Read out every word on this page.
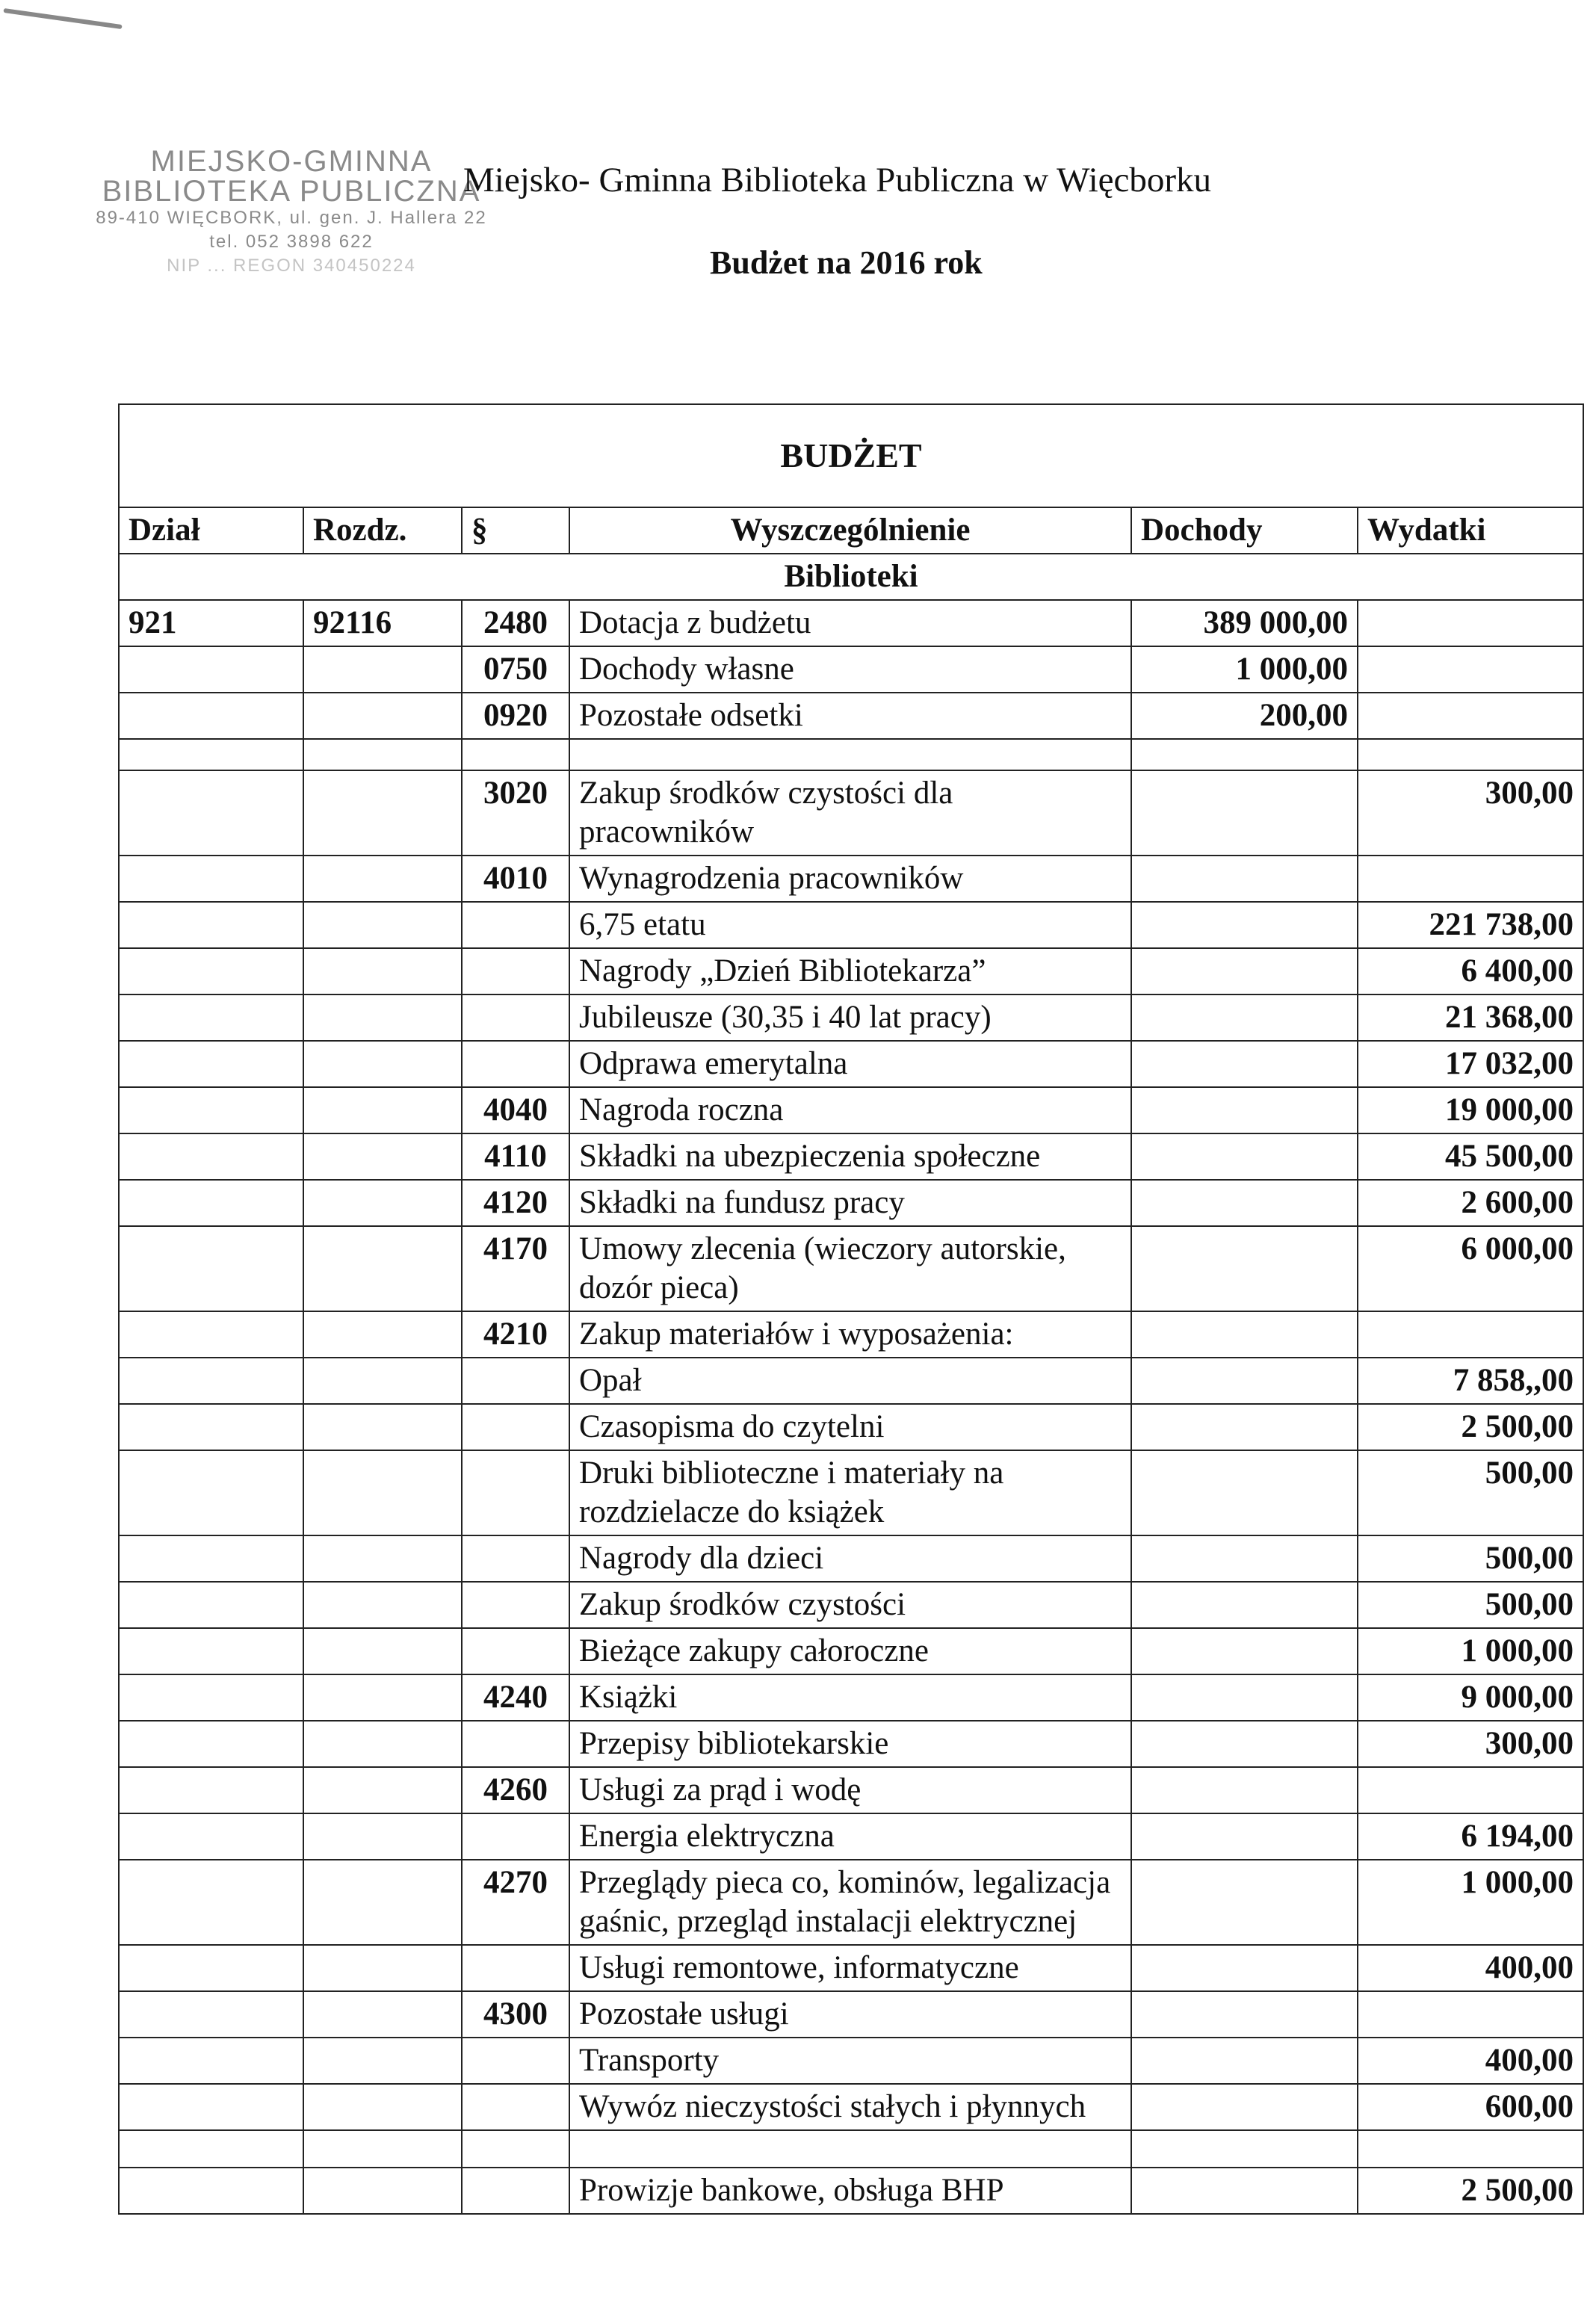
MIEJSKO-GMINNA
BIBLIOTEKA PUBLICZNA
89-410 WIĘCBORK, ul. gen. J. Hallera 22
tel. 052 3898 622
NIP ... REGON 340450224
Miejsko- Gminna Biblioteka Publiczna w Więcborku
Budżet na 2016 rok
BUDŻET					
Dział	Rozdz.	§	Wyszczególnienie	Dochody	Wydatki
Biblioteki					
921	92116	2480	Dotacja z budżetu	389 000,00	
		0750	Dochody własne	1 000,00	
		0920	Pozostałe odsetki	200,00	

		3020	Zakup środków czystości dla pracowników		300,00
		4010	Wynagrodzenia pracowników		
			6,75 etatu		221 738,00
			Nagrody „Dzień Bibliotekarza”		6 400,00
			Jubileusze (30,35 i 40 lat pracy)		21 368,00
			Odprawa emerytalna		17 032,00
		4040	Nagroda roczna		19 000,00
		4110	Składki na ubezpieczenia społeczne		45 500,00
		4120	Składki na fundusz pracy		2 600,00
		4170	Umowy zlecenia (wieczory autorskie, dozór pieca)		6 000,00
		4210	Zakup materiałów i wyposażenia:		
			Opał		7 858,,00
			Czasopisma do czytelni		2 500,00
			Druki biblioteczne i materiały na rozdzielacze do książek		500,00
			Nagrody dla dzieci		500,00
			Zakup środków czystości		500,00
			Bieżące zakupy całoroczne		1 000,00
		4240	Książki		9 000,00
			Przepisy bibliotekarskie		300,00
		4260	Usługi za prąd i wodę		
			Energia elektryczna		6 194,00
		4270	Przeglądy pieca co, kominów, legalizacja gaśnic, przegląd instalacji elektrycznej		1 000,00
			Usługi remontowe, informatyczne		400,00
		4300	Pozostałe usługi		
			Transporty		400,00
			Wywóz nieczystości stałych i płynnych		600,00

			Prowizje bankowe, obsługa BHP		2 500,00
